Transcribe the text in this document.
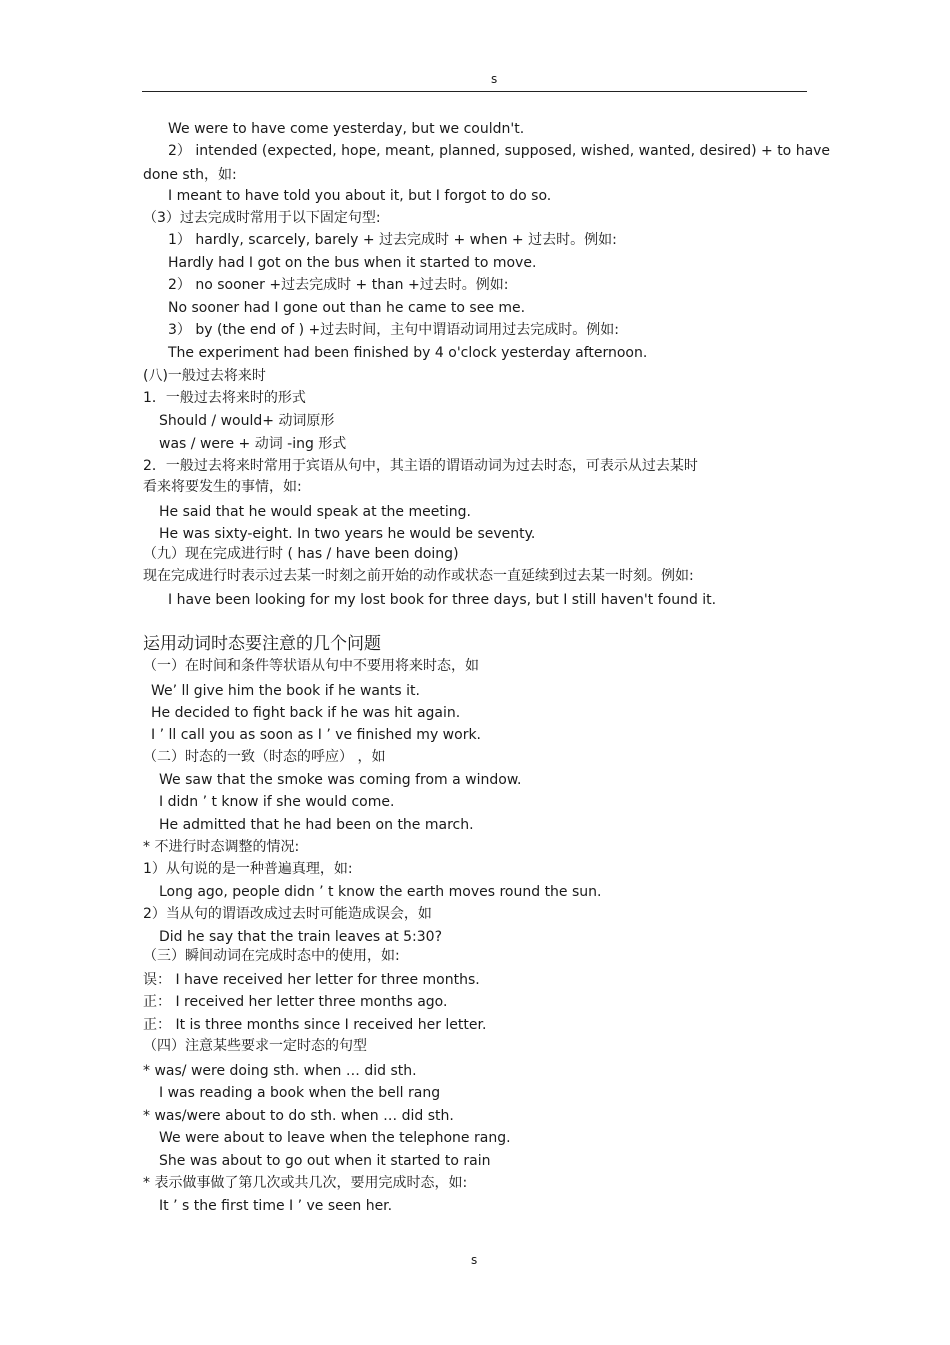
s
We were to have come yesterday, but we couldn't.
2） intended (expected, hope, meant, planned, supposed, wished, wanted, desired) + to have
done sth，如:
I meant to have told you about it, but I forgot to do so.
（3）过去完成时常用于以下固定句型:
1） hardly, scarcely, barely + 过去完成时 + when + 过去时。例如:
Hardly had I got on the bus when it started to move.
2） no sooner +过去完成时 + than +过去时。例如:
No sooner had I gone out than he came to see me.
3） by (the end of ) +过去时间，主句中谓语动词用过去完成时。例如:
The experiment had been finished by 4 o'clock yesterday afternoon.
(八)一般过去将来时
1．一般过去将来时的形式
Should / would+ 动词原形
was / were + 动词 -ing 形式
2．一般过去将来时常用于宾语从句中，其主语的谓语动词为过去时态，可表示从过去某时
看来将要发生的事情，如:
He said that he would speak at the meeting.
He was sixty-eight. In two years he would be seventy.
（九）现在完成进行时 ( has / have been doing)
现在完成进行时表示过去某一时刻之前开始的动作或状态一直延续到过去某一时刻。例如:
I have been looking for my lost book for three days, but I still haven't found it.
运用动词时态要注意的几个问题
（一）在时间和条件等状语从句中不要用将来时态，如
We’ ll give him the book if he wants it.
He decided to fight back if he was hit again.
I ’ ll call you as soon as I ’ ve finished my work.
（二）时态的一致（时态的呼应） ，如
We saw that the smoke was coming from a window.
I didn ’ t know if she would come.
He admitted that he had been on the march.
* 不进行时态调整的情况:
1）从句说的是一种普遍真理，如:
Long ago, people didn ’ t know the earth moves round the sun.
2）当从句的谓语改成过去时可能造成误会，如
Did he say that the train leaves at 5:30?
（三）瞬间动词在完成时态中的使用，如:
误： I have received her letter for three months.
正： I received her letter three months ago.
正： It is three months since I received her letter.
（四）注意某些要求一定时态的句型
* was/ were doing sth. when … did sth.
I was reading a book when the bell rang
* was/were about to do sth. when … did sth.
We were about to leave when the telephone rang.
She was about to go out when it started to rain
* 表示做事做了第几次或共几次，要用完成时态，如:
It ’ s the first time I ’ ve seen her.
s
